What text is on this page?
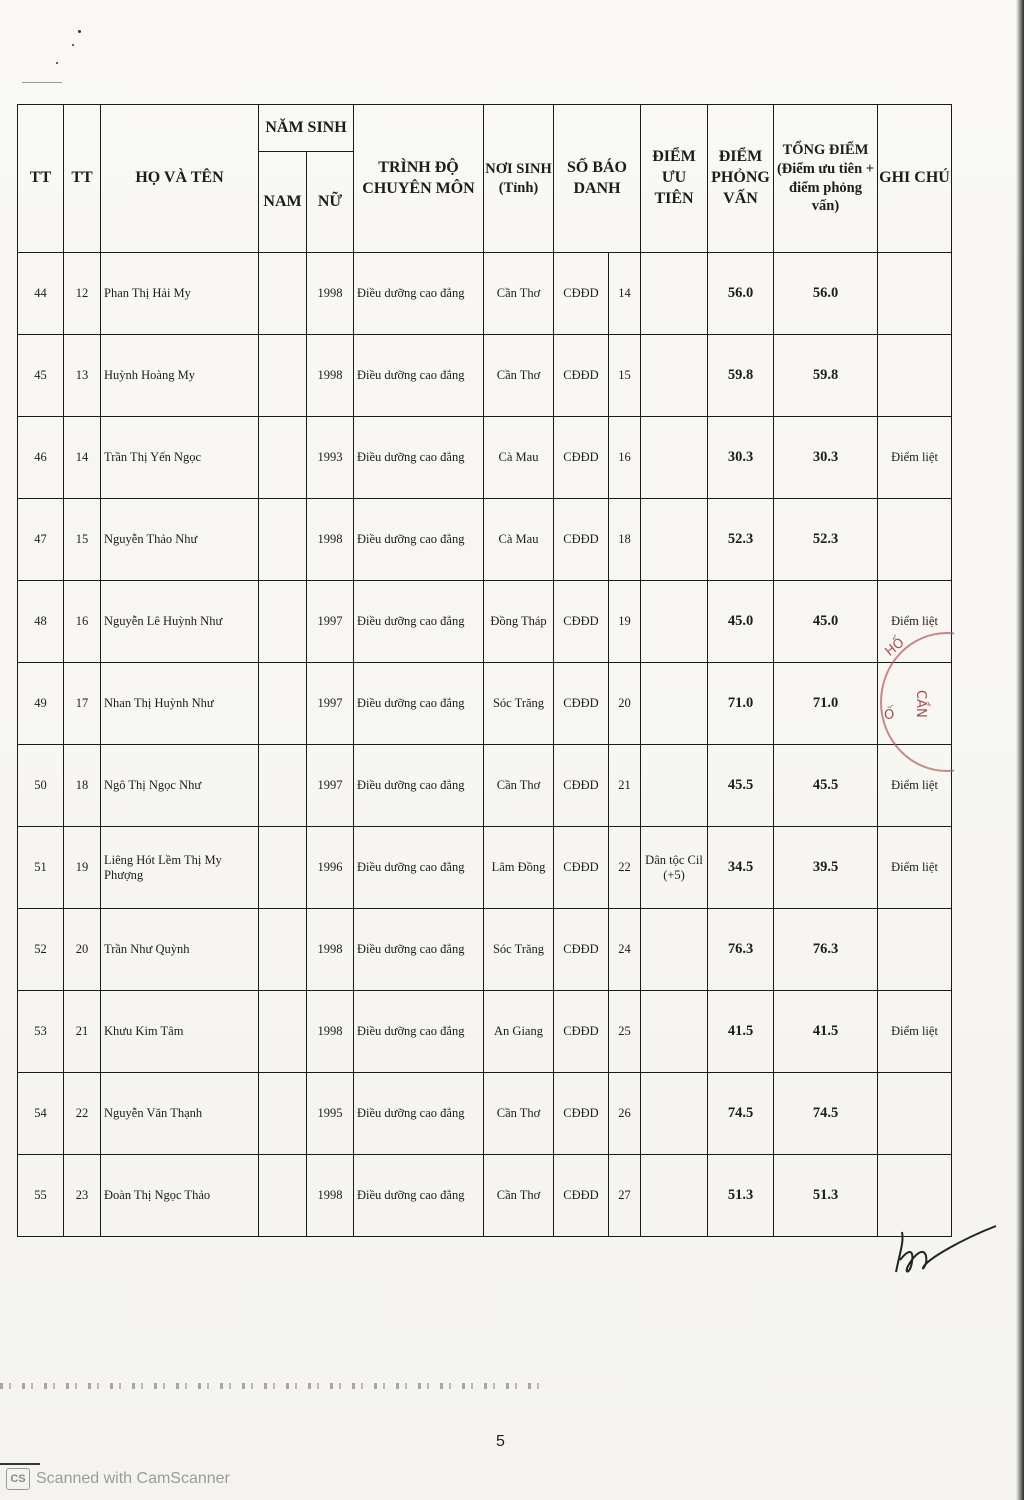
TT	TT	HỌ VÀ TÊN	NĂM SINH		TRÌNH ĐỘ CHUYÊN MÔN	NƠI SINH (Tỉnh)	SỐ BÁO DANH		ĐIỂM ƯU TIÊN	ĐIỂM PHỎNG VẤN	TỔNG ĐIỂM (Điểm ưu tiên + điểm phỏng vấn)	GHI CHÚ
			NAM	NỮ								
44	12	Phan Thị Hải My		1998	Điều dưỡng cao đẳng	Cần Thơ	CĐĐD	14		56.0	56.0	
45	13	Huỳnh Hoàng My		1998	Điều dưỡng cao đẳng	Cần Thơ	CĐĐD	15		59.8	59.8	
46	14	Trần Thị Yến Ngọc		1993	Điều dưỡng cao đẳng	Cà Mau	CĐĐD	16		30.3	30.3	Điểm liệt
47	15	Nguyễn Thảo Như		1998	Điều dưỡng cao đẳng	Cà Mau	CĐĐD	18		52.3	52.3	
48	16	Nguyễn Lê Huỳnh Như		1997	Điều dưỡng cao đẳng	Đồng Tháp	CĐĐD	19		45.0	45.0	Điểm liệt
49	17	Nhan Thị Huỳnh Như		1997	Điều dưỡng cao đẳng	Sóc Trăng	CĐĐD	20		71.0	71.0	
50	18	Ngô Thị Ngọc Như		1997	Điều dưỡng cao đẳng	Cần Thơ	CĐĐD	21		45.5	45.5	Điểm liệt
51	19	Liêng Hót Lềm Thị My Phượng		1996	Điều dưỡng cao đẳng	Lâm Đồng	CĐĐD	22	Dân tộc Cil (+5)	34.5	39.5	Điểm liệt
52	20	Trần Như Quỳnh		1998	Điều dưỡng cao đẳng	Sóc Trăng	CĐĐD	24		76.3	76.3	
53	21	Khưu Kim Tâm		1998	Điều dưỡng cao đẳng	An Giang	CĐĐD	25		41.5	41.5	Điểm liệt
54	22	Nguyễn Văn Thạnh		1995	Điều dưỡng cao đẳng	Cần Thơ	CĐĐD	26		74.5	74.5	
55	23	Đoàn Thị Ngọc Thảo		1998	Điều dưỡng cao đẳng	Cần Thơ	CĐĐD	27		51.3	51.3	
CẦN
HỐ
Ố
5
CS Scanned with CamScanner
